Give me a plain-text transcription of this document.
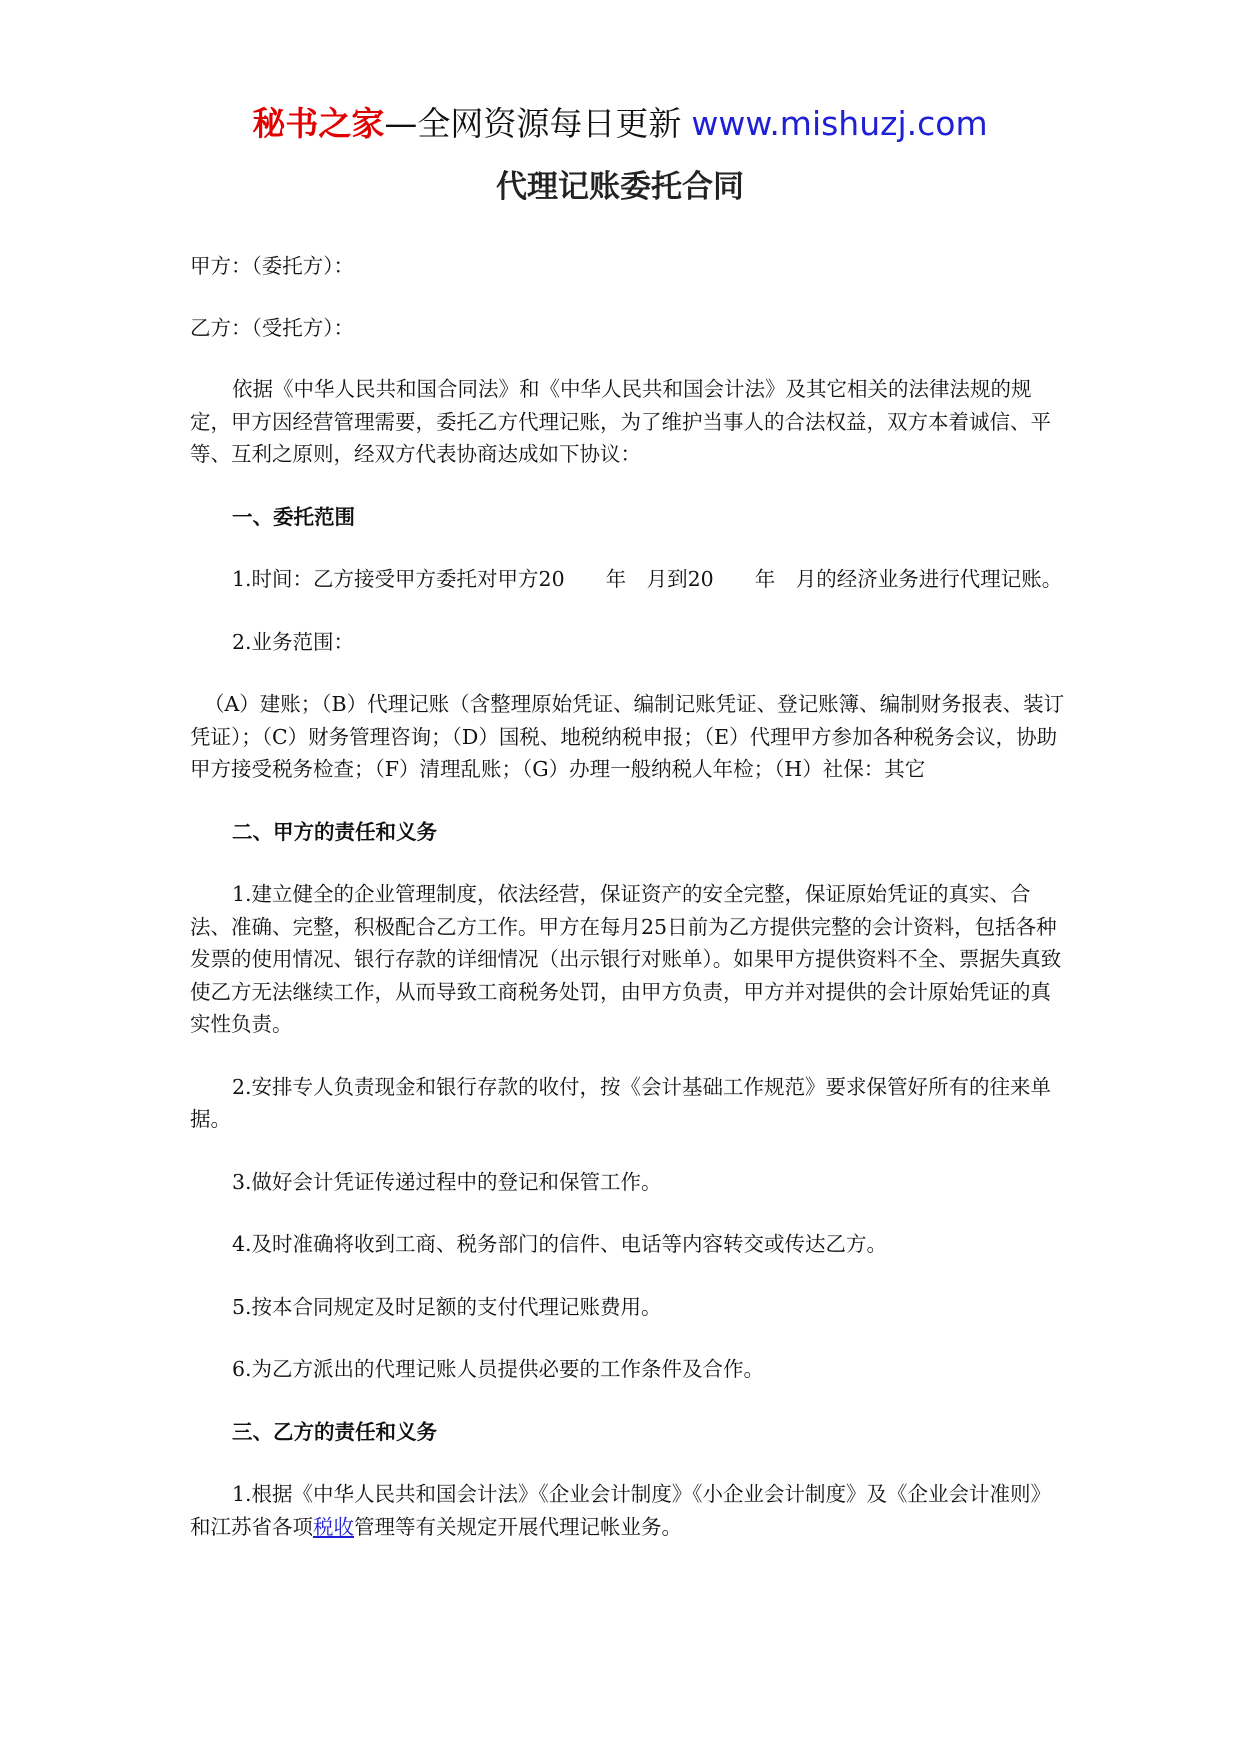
秘书之家—全网资源每日更新 www.mishuzj.com
代理记账委托合同

甲方：（委托方）：

乙方：（受托方）：

依据《中华人民共和国合同法》和《中华人民共和国会计法》及其它相关的法律法规的规定，甲方因经营管理需要，委托乙方代理记账，为了维护当事人的合法权益，双方本着诚信、平等、互利之原则，经双方代表协商达成如下协议：

一、委托范围

1.时间：乙方接受甲方委托对甲方20　　年　月到20　　年　月的经济业务进行代理记账。

2.业务范围：

（A）建账；（B）代理记账（含整理原始凭证、编制记账凭证、登记账簿、编制财务报表、装订凭证）；（C）财务管理咨询；（D）国税、地税纳税申报；（E）代理甲方参加各种税务会议，协助甲方接受税务检查；（F）清理乱账；（G）办理一般纳税人年检；（H）社保：其它

二、甲方的责任和义务

1.建立健全的企业管理制度，依法经营，保证资产的安全完整，保证原始凭证的真实、合法、准确、完整，积极配合乙方工作。甲方在每月25日前为乙方提供完整的会计资料，包括各种发票的使用情况、银行存款的详细情况（出示银行对账单）。如果甲方提供资料不全、票据失真致使乙方无法继续工作，从而导致工商税务处罚，由甲方负责，甲方并对提供的会计原始凭证的真实性负责。

2.安排专人负责现金和银行存款的收付，按《会计基础工作规范》要求保管好所有的往来单据。

3.做好会计凭证传递过程中的登记和保管工作。

4.及时准确将收到工商、税务部门的信件、电话等内容转交或传达乙方。

5.按本合同规定及时足额的支付代理记账费用。

6.为乙方派出的代理记账人员提供必要的工作条件及合作。

三、乙方的责任和义务

1.根据《中华人民共和国会计法》《企业会计制度》《小企业会计制度》及《企业会计准则》和江苏省各项税收管理等有关规定开展代理记帐业务。
